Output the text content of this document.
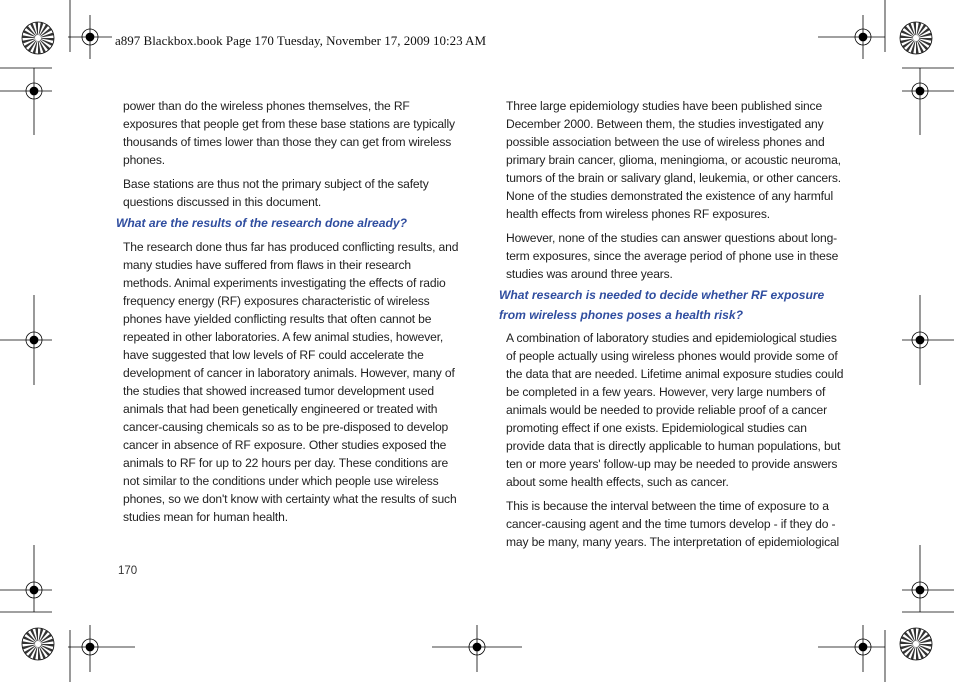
a897 Blackbox.book Page 170 Tuesday, November 17, 2009 10:23 AM

power than do the wireless phones themselves, the RF exposures that people get from these base stations are typically thousands of times lower than those they can get from wireless phones.

Base stations are thus not the primary subject of the safety questions discussed in this document.

What are the results of the research done already?

The research done thus far has produced conflicting results, and many studies have suffered from flaws in their research methods. Animal experiments investigating the effects of radio frequency energy (RF) exposures characteristic of wireless phones have yielded conflicting results that often cannot be repeated in other laboratories. A few animal studies, however, have suggested that low levels of RF could accelerate the development of cancer in laboratory animals. However, many of the studies that showed increased tumor development used animals that had been genetically engineered or treated with cancer-causing chemicals so as to be pre-disposed to develop cancer in absence of RF exposure. Other studies exposed the animals to RF for up to 22 hours per day. These conditions are not similar to the conditions under which people use wireless phones, so we don't know with certainty what the results of such studies mean for human health.

Three large epidemiology studies have been published since December 2000. Between them, the studies investigated any possible association between the use of wireless phones and primary brain cancer, glioma, meningioma, or acoustic neuroma, tumors of the brain or salivary gland, leukemia, or other cancers. None of the studies demonstrated the existence of any harmful health effects from wireless phones RF exposures.

However, none of the studies can answer questions about long-term exposures, since the average period of phone use in these studies was around three years.

What research is needed to decide whether RF exposure from wireless phones poses a health risk?

A combination of laboratory studies and epidemiological studies of people actually using wireless phones would provide some of the data that are needed. Lifetime animal exposure studies could be completed in a few years. However, very large numbers of animals would be needed to provide reliable proof of a cancer promoting effect if one exists. Epidemiological studies can provide data that is directly applicable to human populations, but ten or more years' follow-up may be needed to provide answers about some health effects, such as cancer.

This is because the interval between the time of exposure to a cancer-causing agent and the time tumors develop - if they do - may be many, many years. The interpretation of epidemiological

170
